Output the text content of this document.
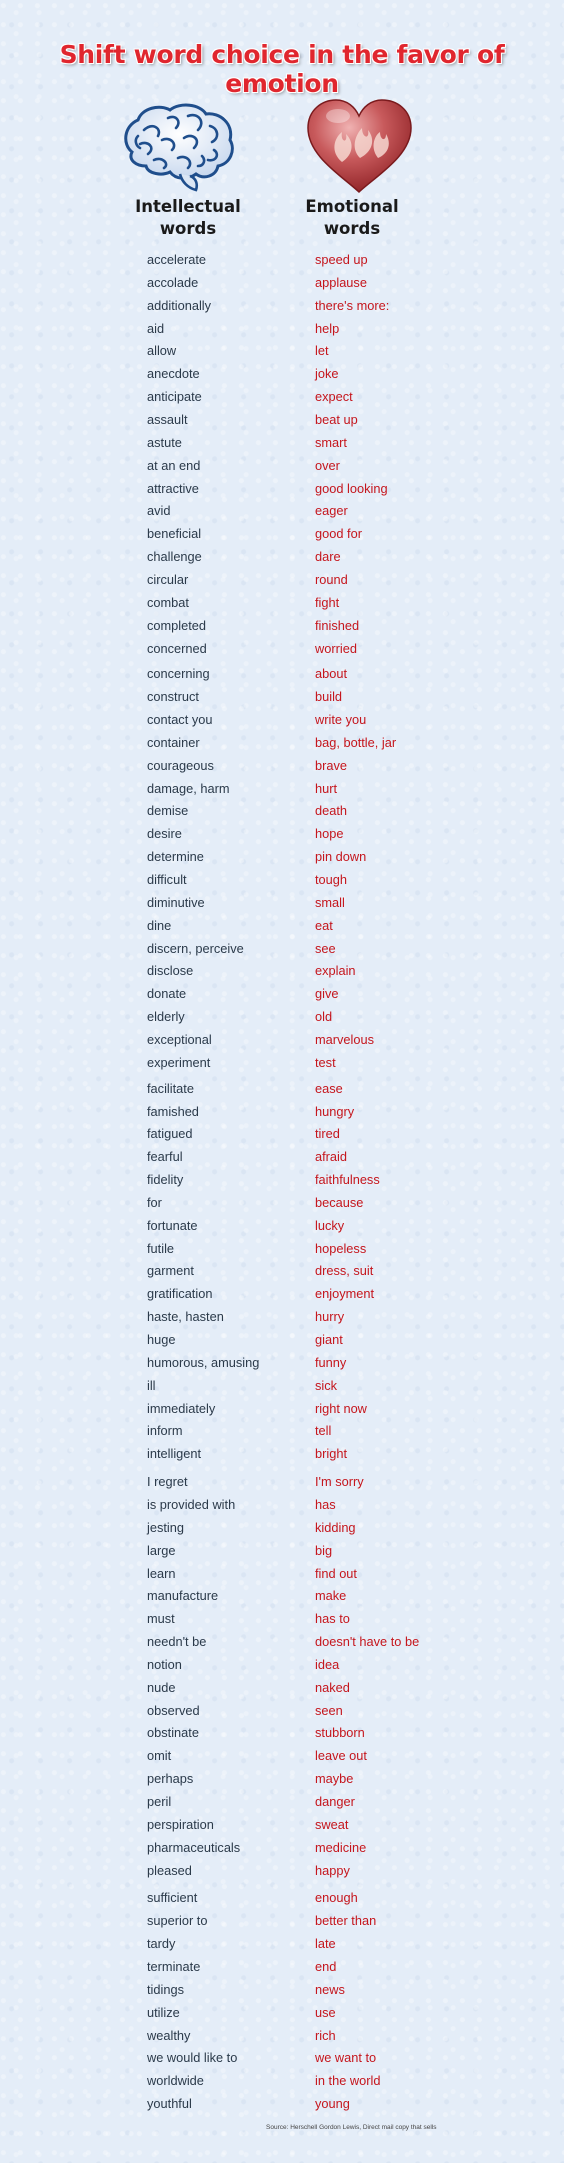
Shift word choice in the favor of emotion
Intellectual
words
Emotional
words
accelerate	speed up
accolade	applause
additionally	there's more:
aid	help
allow	let
anecdote	joke
anticipate	expect
assault	beat up
astute	smart
at an end	over
attractive	good looking
avid	eager
beneficial	good for
challenge	dare
circular	round
combat	fight
completed	finished
concerned	worried
concerning	about
construct	build
contact you	write you
container	bag, bottle, jar
courageous	brave
damage, harm	hurt
demise	death
desire	hope
determine	pin down
difficult	tough
diminutive	small
dine	eat
discern, perceive	see
disclose	explain
donate	give
elderly	old
exceptional	marvelous
experiment	test
facilitate	ease
famished	hungry
fatigued	tired
fearful	afraid
fidelity	faithfulness
for	because
fortunate	lucky
futile	hopeless
garment	dress, suit
gratification	enjoyment
haste, hasten	hurry
huge	giant
humorous, amusing	funny
ill	sick
immediately	right now
inform	tell
intelligent	bright
I regret	I'm sorry
is provided with	has
jesting	kidding
large	big
learn	find out
manufacture	make
must	has to
needn't be	doesn't have to be
notion	idea
nude	naked
observed	seen
obstinate	stubborn
omit	leave out
perhaps	maybe
peril	danger
perspiration	sweat
pharmaceuticals	medicine
pleased	happy
sufficient	enough
superior to	better than
tardy	late
terminate	end
tidings	news
utilize	use
wealthy	rich
we would like to	we want to
worldwide	in the world
youthful	young
Source: Herschell Gordon Lewis, Direct mail copy that sells
